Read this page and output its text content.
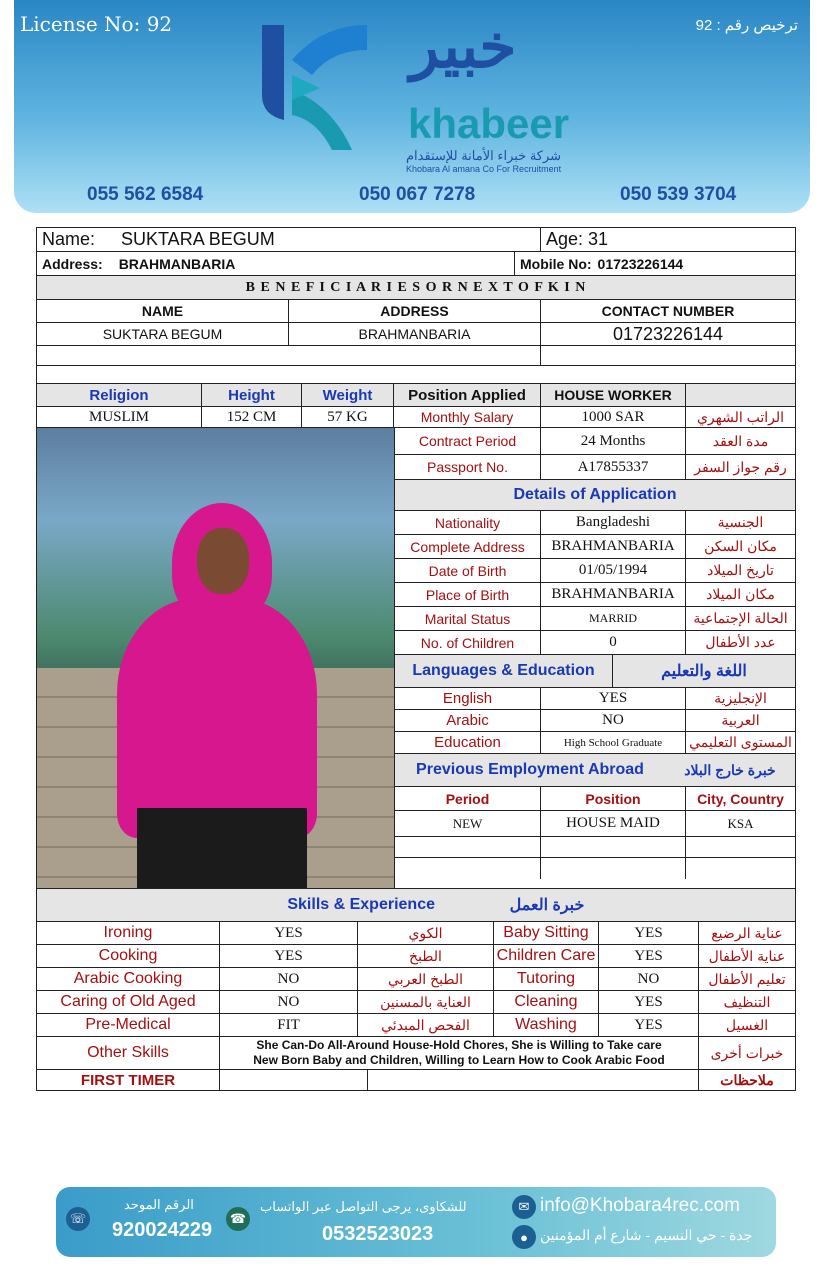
License No: 92	ترخيص رقم : 92
خبير
khabeer
شركة خبراء الأمانة للإستقدام
Khobara Al amana Co For Recruitment
055 562 6584	050 067 7278	050 539 3704
Name: SUKTARA BEGUM	Age: 31
Address: BRAHMANBARIA	Mobile No: 01723226144
B E N E F I C I A R I E S O R N E X T O F K I N
NAME	ADDRESS	CONTACT NUMBER
SUKTARA BEGUM	BRAHMANBARIA	01723226144
Religion	Height	Weight	Position Applied	HOUSE WORKER
MUSLIM	152 CM	57 KG	Monthly Salary	1000 SAR	الراتب الشهري
Contract Period	24 Months	مدة العقد
Passport No.	A17855337	رقم جواز السفر
Details of Application
Nationality	Bangladeshi	الجنسية
Complete Address	BRAHMANBARIA	مكان السكن
Date of Birth	01/05/1994	تاريخ الميلاد
Place of Birth	BRAHMANBARIA	مكان الميلاد
Marital Status	MARRID	الحالة الإجتماعية
No. of Children	0	عدد الأطفال
Languages & Education	اللغة والتعليم
English	YES	الإنجليزية
Arabic	NO	العربية
Education	High School Graduate	المستوى التعليمي
Previous Employment Abroad	خبرة خارج البلاد
Period	Position	City, Country
NEW	HOUSE MAID	KSA
Skills & Experience	خبرة العمل
Ironing	YES	الكوي	Baby Sitting	YES	عناية الرضيع
Cooking	YES	الطبخ	Children Care	YES	عناية الأطفال
Arabic Cooking	NO	الطبخ العربي	Tutoring	NO	تعليم الأطفال
Caring of Old Aged	NO	العناية بالمسنين	Cleaning	YES	التنظيف
Pre-Medical	FIT	الفحص المبدئي	Washing	YES	الغسيل
Other Skills	She Can-Do All-Around House-Hold Chores, She is Willing to Take care
New Born Baby and Children, Willing to Learn How to Cook Arabic Food	خبرات أخرى
FIRST TIMER	ملاحظات
☏
الرقم الموحد
920024229
☎
للشكاوى، يرجى التواصل عبر الواتساب
0532523023
✉ info@Khobara4rec.com
● جدة - حي النسيم - شارع أم المؤمنين
